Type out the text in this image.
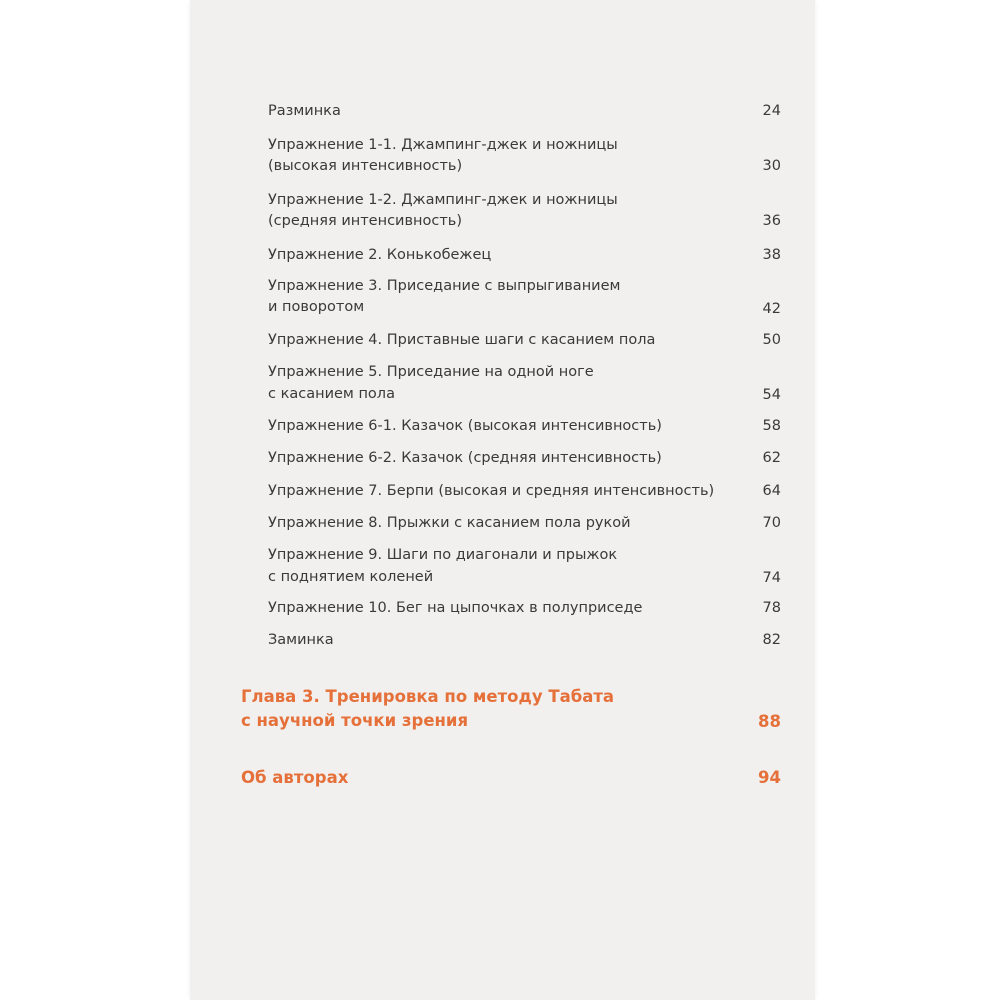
Разминка	24
Упражнение 1-1. Джампинг-джек и ножницы
(высокая интенсивность)	30
Упражнение 1-2. Джампинг-джек и ножницы
(средняя интенсивность)	36
Упражнение 2. Конькобежец	38
Упражнение 3. Приседание с выпрыгиванием
и поворотом	42
Упражнение 4. Приставные шаги с касанием пола	50
Упражнение 5. Приседание на одной ноге
с касанием пола	54
Упражнение 6-1. Казачок (высокая интенсивность)	58
Упражнение 6-2. Казачок (средняя интенсивность)	62
Упражнение 7. Берпи (высокая и средняя интенсивность)	64
Упражнение 8. Прыжки с касанием пола рукой	70
Упражнение 9. Шаги по диагонали и прыжок
с поднятием коленей	74
Упражнение 10. Бег на цыпочках в полуприседе	78
Заминка	82
Глава 3. Тренировка по методу Табата
с научной точки зрения	88
Об авторах	94
